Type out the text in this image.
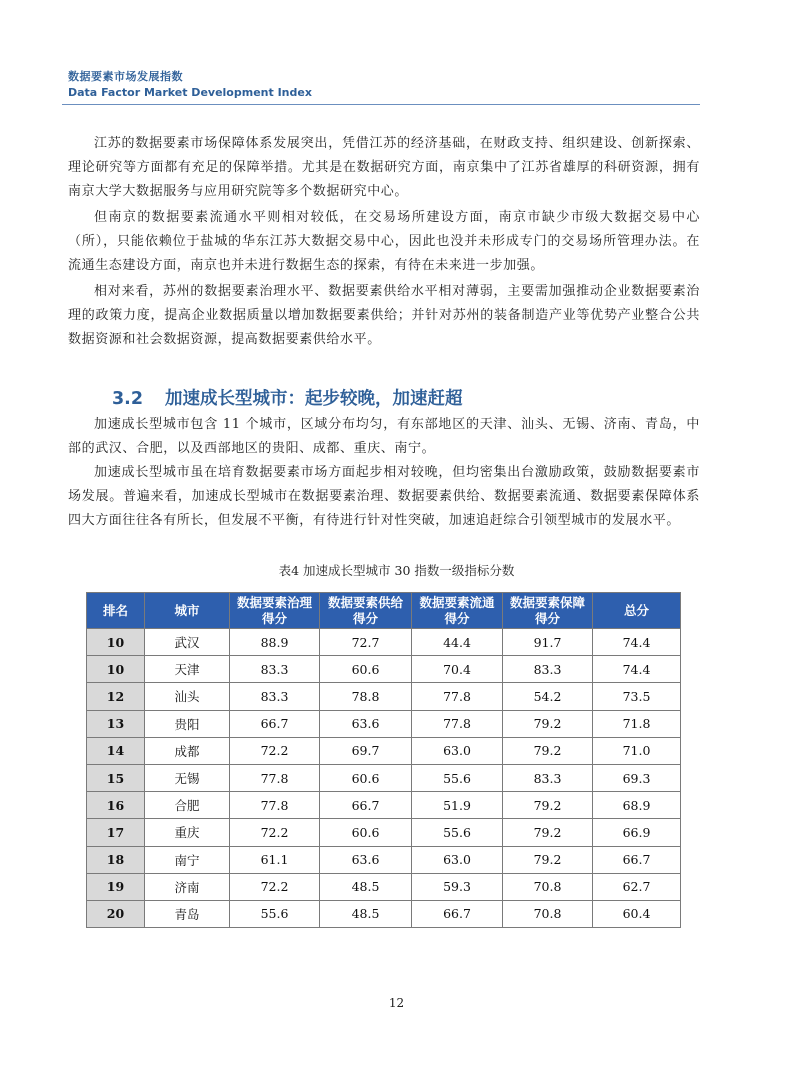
数据要素市场发展指数
Data Factor Market Development Index

江苏的数据要素市场保障体系发展突出，凭借江苏的经济基础，在财政支持、组织建设、创新探索、理论研究等方面都有充足的保障举措。尤其是在数据研究方面，南京集中了江苏省雄厚的科研资源，拥有南京大学大数据服务与应用研究院等多个数据研究中心。

但南京的数据要素流通水平则相对较低，在交易场所建设方面，南京市缺少市级大数据交易中心（所），只能依赖位于盐城的华东江苏大数据交易中心，因此也没并未形成专门的交易场所管理办法。在流通生态建设方面，南京也并未进行数据生态的探索，有待在未来进一步加强。

相对来看，苏州的数据要素治理水平、数据要素供给水平相对薄弱，主要需加强推动企业数据要素治理的政策力度，提高企业数据质量以增加数据要素供给；并针对苏州的装备制造产业等优势产业整合公共数据资源和社会数据资源，提高数据要素供给水平。

3.2 加速成长型城市：起步较晚，加速赶超

加速成长型城市包含 11 个城市，区域分布均匀，有东部地区的天津、汕头、无锡、济南、青岛，中部的武汉、合肥，以及西部地区的贵阳、成都、重庆、南宁。

加速成长型城市虽在培育数据要素市场方面起步相对较晚，但均密集出台激励政策，鼓励数据要素市场发展。普遍来看，加速成长型城市在数据要素治理、数据要素供给、数据要素流通、数据要素保障体系四大方面往往各有所长，但发展不平衡，有待进行针对性突破，加速追赶综合引领型城市的发展水平。

表4 加速成长型城市 30 指数一级指标分数
排名	城市	数据要素治理得分	数据要素供给得分	数据要素流通得分	数据要素保障得分	总分
10	武汉	88.9	72.7	44.4	91.7	74.4
10	天津	83.3	60.6	70.4	83.3	74.4
12	汕头	83.3	78.8	77.8	54.2	73.5
13	贵阳	66.7	63.6	77.8	79.2	71.8
14	成都	72.2	69.7	63.0	79.2	71.0
15	无锡	77.8	60.6	55.6	83.3	69.3
16	合肥	77.8	66.7	51.9	79.2	68.9
17	重庆	72.2	60.6	55.6	79.2	66.9
18	南宁	61.1	63.6	63.0	79.2	66.7
19	济南	72.2	48.5	59.3	70.8	62.7
20	青岛	55.6	48.5	66.7	70.8	60.4
12
